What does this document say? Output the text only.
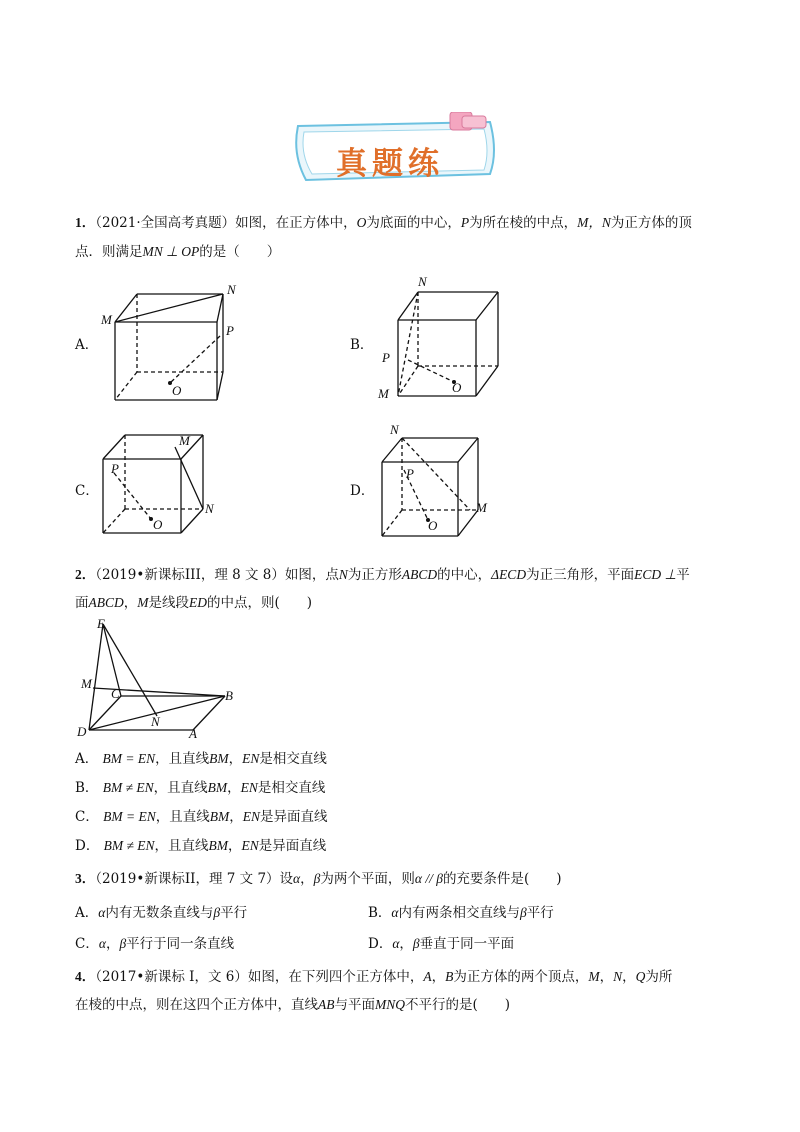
真题练
1．（2021·全国高考真题）如图，在正方体中，O为底面的中心，P为所在棱的中点，M，N为正方体的顶
点．则满足MN ⊥ OP的是（　　）
A．
M
N
P
O
B．
N
P
M	O
C．
M
P
N
O
D．
N
P
M
O
2．（2019•新课标III，理 8 文 8）如图，点N为正方形ABCD的中心，ΔECD为正三角形，平面ECD ⊥平
面ABCD，M是线段ED的中点，则(　　)
E
M
C	B
D
N
A
A． BM = EN，且直线BM，EN是相交直线
B． BM ≠ EN，且直线BM，EN是相交直线
C． BM = EN，且直线BM，EN是异面直线
D． BM ≠ EN，且直线BM，EN是异面直线
3．（2019•新课标II，理 7 文 7）设α，β为两个平面，则α // β的充要条件是(　　)
A．α内有无数条直线与β平行	B．α内有两条相交直线与β平行
C．α，β平行于同一条直线	D．α，β垂直于同一平面
4．（2017•新课标 I，文 6）如图，在下列四个正方体中，A，B为正方体的两个顶点，M，N，Q为所
在棱的中点，则在这四个正方体中，直线AB与平面MNQ不平行的是(　　)
